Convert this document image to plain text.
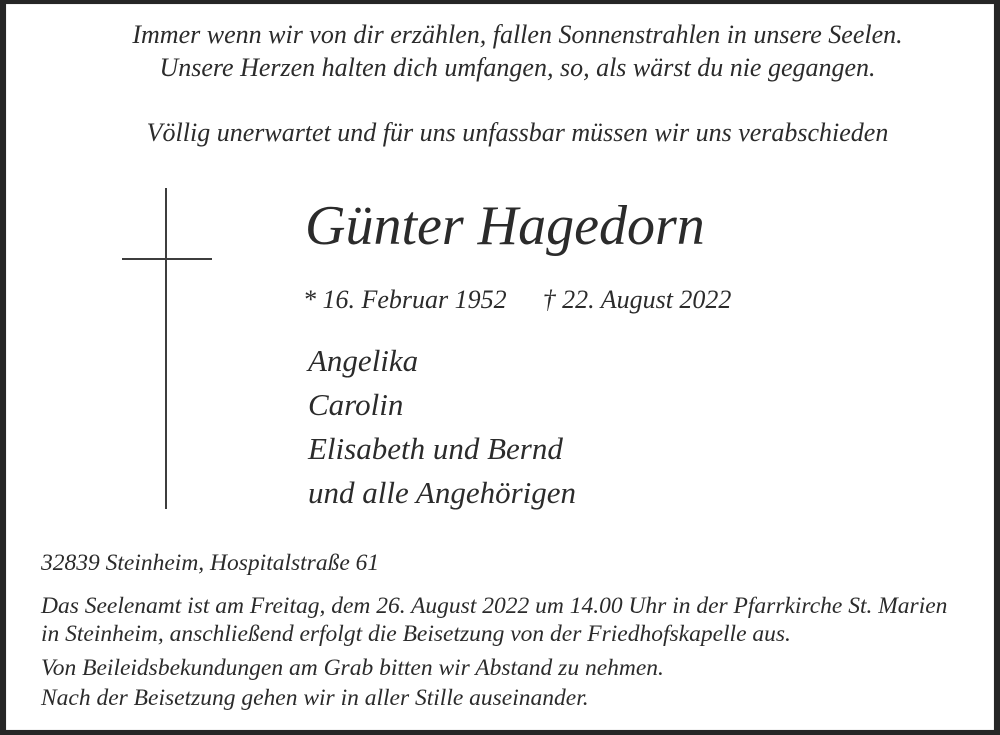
Immer wenn wir von dir erzählen, fallen Sonnenstrahlen in unsere Seelen.
Unsere Herzen halten dich umfangen, so, als wärst du nie gegangen.
Völlig unerwartet und für uns unfassbar müssen wir uns verabschieden
Günter Hagedorn
* 16. Februar 1952 † 22. August 2022
Angelika
Carolin
Elisabeth und Bernd
und alle Angehörigen
32839 Steinheim, Hospitalstraße 61
Das Seelenamt ist am Freitag, dem 26. August 2022 um 14.00 Uhr in der Pfarrkirche St. Marien
in Steinheim, anschließend erfolgt die Beisetzung von der Friedhofskapelle aus.
Von Beileidsbekundungen am Grab bitten wir Abstand zu nehmen.
Nach der Beisetzung gehen wir in aller Stille auseinander.
